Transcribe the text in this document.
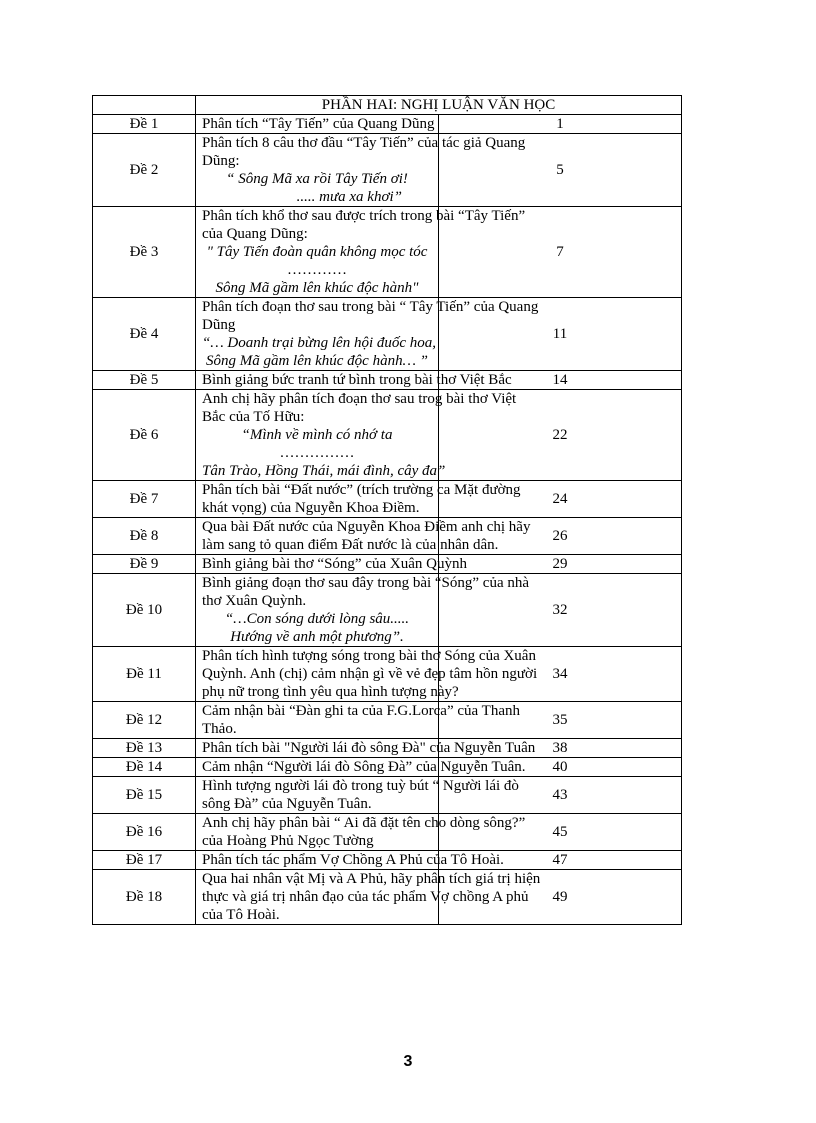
	PHẦN HAI: NGHỊ LUẬN VĂN HỌC	
Đề 1	Phân tích “Tây Tiến” của Quang Dũng	1
Đề 2	Phân tích 8 câu thơ đầu “Tây Tiến” của tác giả Quang
Dũng:
“ Sông Mã xa rồi Tây Tiến ơi!
..... mưa xa khơi”	5
Đề 3	Phân tích khổ thơ sau được trích trong bài “Tây Tiến”
của Quang Dũng:
" Tây Tiến đoàn quân không mọc tóc
…………
Sông Mã gầm lên khúc độc hành"	7
Đề 4	Phân tích đoạn thơ sau trong bài “ Tây Tiến” của Quang
Dũng
“… Doanh trại bừng lên hội đuốc hoa,
Sông Mã gầm lên khúc độc hành… ”	11
Đề 5	Bình giảng bức tranh tứ bình trong bài thơ Việt Bắc	14
Đề 6	Anh chị hãy phân tích đoạn thơ sau trog bài thơ Việt
Bắc của Tố Hữu:
“Mình về mình có nhớ ta
……………
Tân Trào, Hồng Thái, mái đình, cây đa”	22
Đề 7	Phân tích bài “Đất nước” (trích trường ca Mặt đường
khát vọng) của Nguyễn Khoa Điềm.	24
Đề 8	Qua bài Đất nước của Nguyễn Khoa Điềm anh chị hãy
làm sang tỏ quan điểm Đất nước là của nhân dân.	26
Đề 9	Bình giảng bài thơ “Sóng” của Xuân Quỳnh	29
Đề 10	Bình giảng đoạn thơ sau đây trong bài “Sóng” của nhà
thơ Xuân Quỳnh.
“…Con sóng dưới lòng sâu.....
Hướng về anh một phương”.	32
Đề 11	Phân tích hình tượng sóng trong bài thơ Sóng của Xuân
Quỳnh. Anh (chị) cảm nhận gì về vẻ đẹp tâm hồn người
phụ nữ trong tình yêu qua hình tượng này?	34
Đề 12	Cảm nhận bài “Đàn ghi ta của F.G.Lorca” của Thanh
Thảo.	35
Đề 13	Phân tích bài "Người lái đò sông Đà" của Nguyễn Tuân	38
Đề 14	Cảm nhận “Người lái đò Sông Đà” của Nguyễn Tuân.	40
Đề 15	Hình tượng người lái đò trong tuỳ bút “ Người lái đò
sông Đà” của Nguyễn Tuân.	43
Đề 16	Anh chị hãy phân bài “ Ai đã đặt tên cho dòng sông?”
của Hoàng Phủ Ngọc Tường	45
Đề 17	Phân tích tác phẩm Vợ Chồng A Phủ của Tô Hoài.	47
Đề 18	Qua hai nhân vật Mị và A Phủ, hãy phân tích giá trị hiện
thực và giá trị nhân đạo của tác phẩm Vợ chồng A phủ
của Tô Hoài.	49
3
